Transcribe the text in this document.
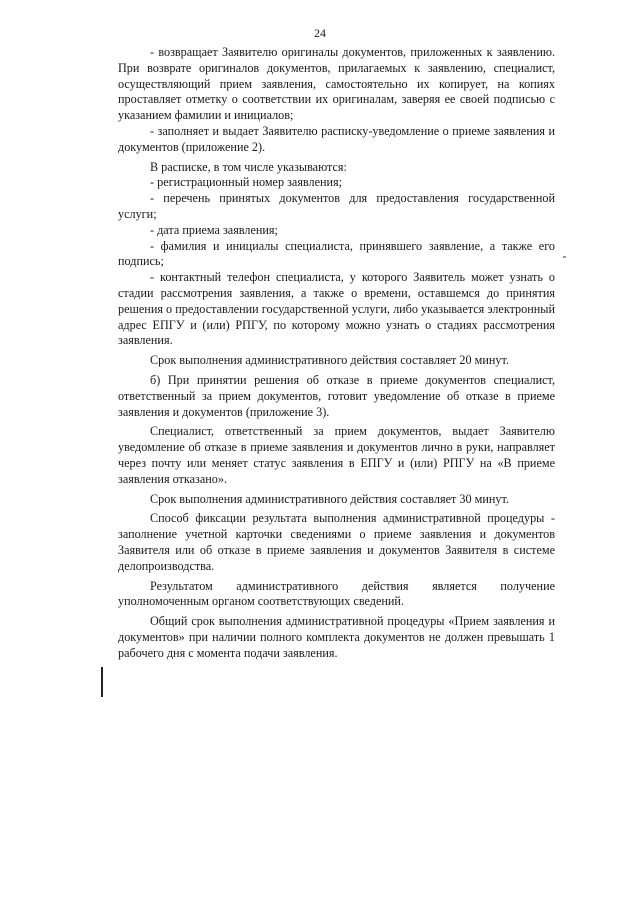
24

- возвращает Заявителю оригиналы документов, приложенных к заявлению. При возврате оригиналов документов, прилагаемых к заявлению, специалист, осуществляющий прием заявления, самостоятельно их копирует, на копиях проставляет отметку о соответствии их оригиналам, заверяя ее своей подписью с указанием фамилии и инициалов;

- заполняет и выдает Заявителю расписку-уведомление о приеме заявления и документов (приложение 2).

В расписке, в том числе указываются:

- регистрационный номер заявления;

- перечень принятых документов для предоставления государственной услуги;

- дата приема заявления;

- фамилия и инициалы специалиста, принявшего заявление, а также его подпись;

- контактный телефон специалиста, у которого Заявитель может узнать о стадии рассмотрения заявления, а также о времени, оставшемся до принятия решения о предоставлении государственной услуги, либо указывается электронный адрес ЕПГУ и (или) РПГУ, по которому можно узнать о стадиях рассмотрения заявления.

Срок выполнения административного действия составляет 20 минут.

б) При принятии решения об отказе в приеме документов специалист, ответственный за прием документов, готовит уведомление об отказе в приеме заявления и документов (приложение 3).

Специалист, ответственный за прием документов, выдает Заявителю уведомление об отказе в приеме заявления и документов лично в руки, направляет через почту или меняет статус заявления в ЕПГУ и (или) РПГУ на «В приеме заявления отказано».

Срок выполнения административного действия составляет 30 минут.

Способ фиксации результата выполнения административной процедуры - заполнение учетной карточки сведениями о приеме заявления и документов Заявителя или об отказе в приеме заявления и документов Заявителя в системе делопроизводства.

Результатом административного действия является получение уполномоченным органом соответствующих сведений.

Общий срок выполнения административной процедуры «Прием заявления и документов» при наличии полного комплекта документов не должен превышать 1 рабочего дня с момента подачи заявления.
